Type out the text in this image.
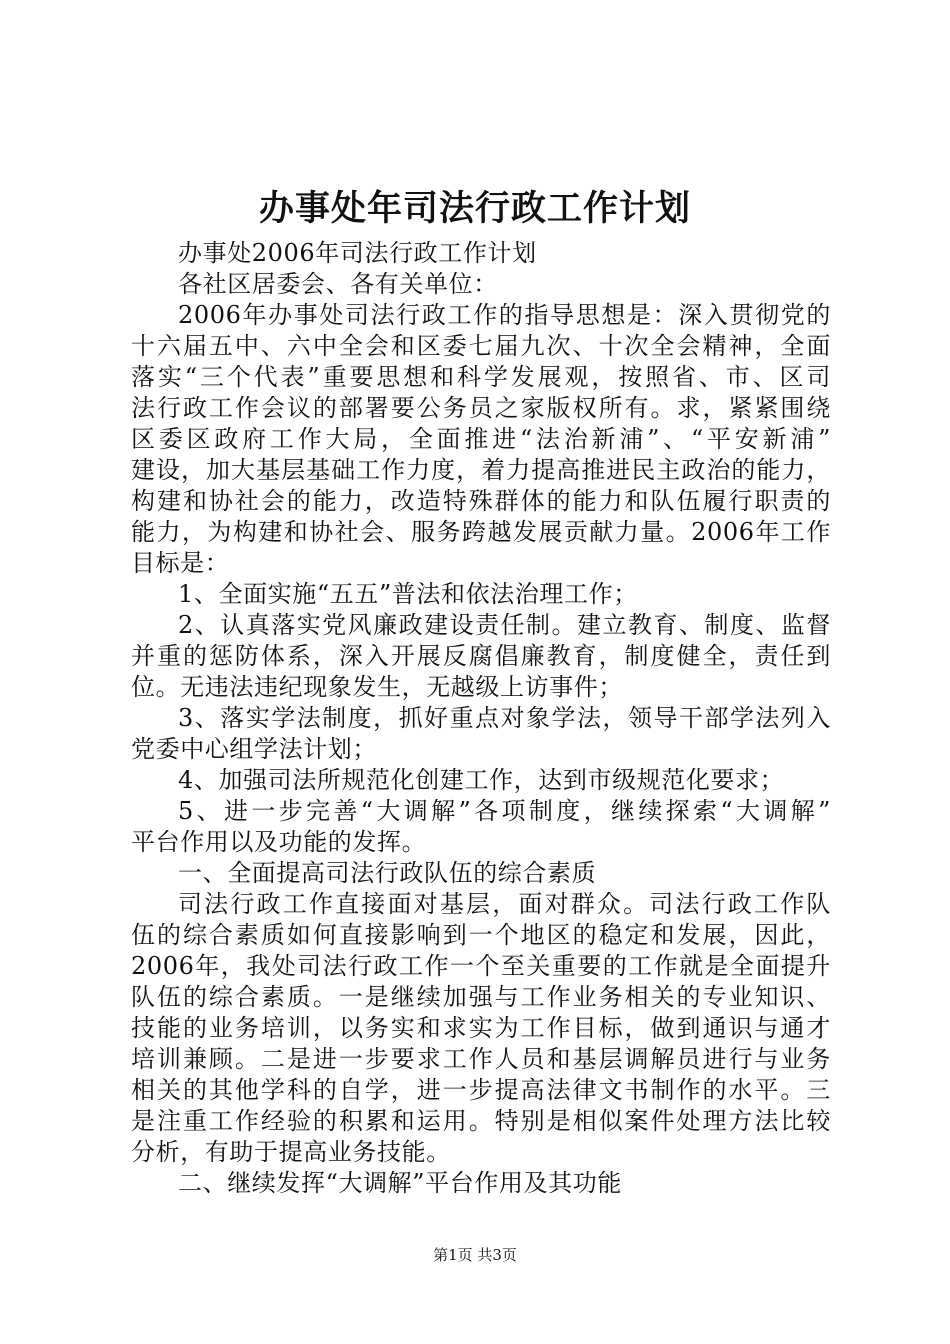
办事处年司法行政工作计划
办事处2006年司法行政工作计划
各社区居委会、各有关单位：
2006年办事处司法行政工作的指导思想是：深入贯彻党的
十六届五中、六中全会和区委七届九次、十次全会精神，全面
落实“三个代表”重要思想和科学发展观，按照省、市、区司
法行政工作会议的部署要公务员之家版权所有。求，紧紧围绕
区委区政府工作大局，全面推进“法治新浦”、“平安新浦”
建设，加大基层基础工作力度，着力提高推进民主政治的能力，
构建和协社会的能力，改造特殊群体的能力和队伍履行职责的
能力，为构建和协社会、服务跨越发展贡献力量。2006年工作
目标是：
1、全面实施“五五”普法和依法治理工作；
2、认真落实党风廉政建设责任制。建立教育、制度、监督
并重的惩防体系，深入开展反腐倡廉教育，制度健全，责任到
位。无违法违纪现象发生，无越级上访事件；
3、落实学法制度，抓好重点对象学法，领导干部学法列入
党委中心组学法计划；
4、加强司法所规范化创建工作，达到市级规范化要求；
5、进一步完善“大调解”各项制度，继续探索“大调解”
平台作用以及功能的发挥。
一、全面提高司法行政队伍的综合素质
司法行政工作直接面对基层，面对群众。司法行政工作队
伍的综合素质如何直接影响到一个地区的稳定和发展，因此，
2006年，我处司法行政工作一个至关重要的工作就是全面提升
队伍的综合素质。一是继续加强与工作业务相关的专业知识、
技能的业务培训，以务实和求实为工作目标，做到通识与通才
培训兼顾。二是进一步要求工作人员和基层调解员进行与业务
相关的其他学科的自学，进一步提高法律文书制作的水平。三
是注重工作经验的积累和运用。特别是相似案件处理方法比较
分析，有助于提高业务技能。
二、继续发挥“大调解”平台作用及其功能
第1页 共3页
